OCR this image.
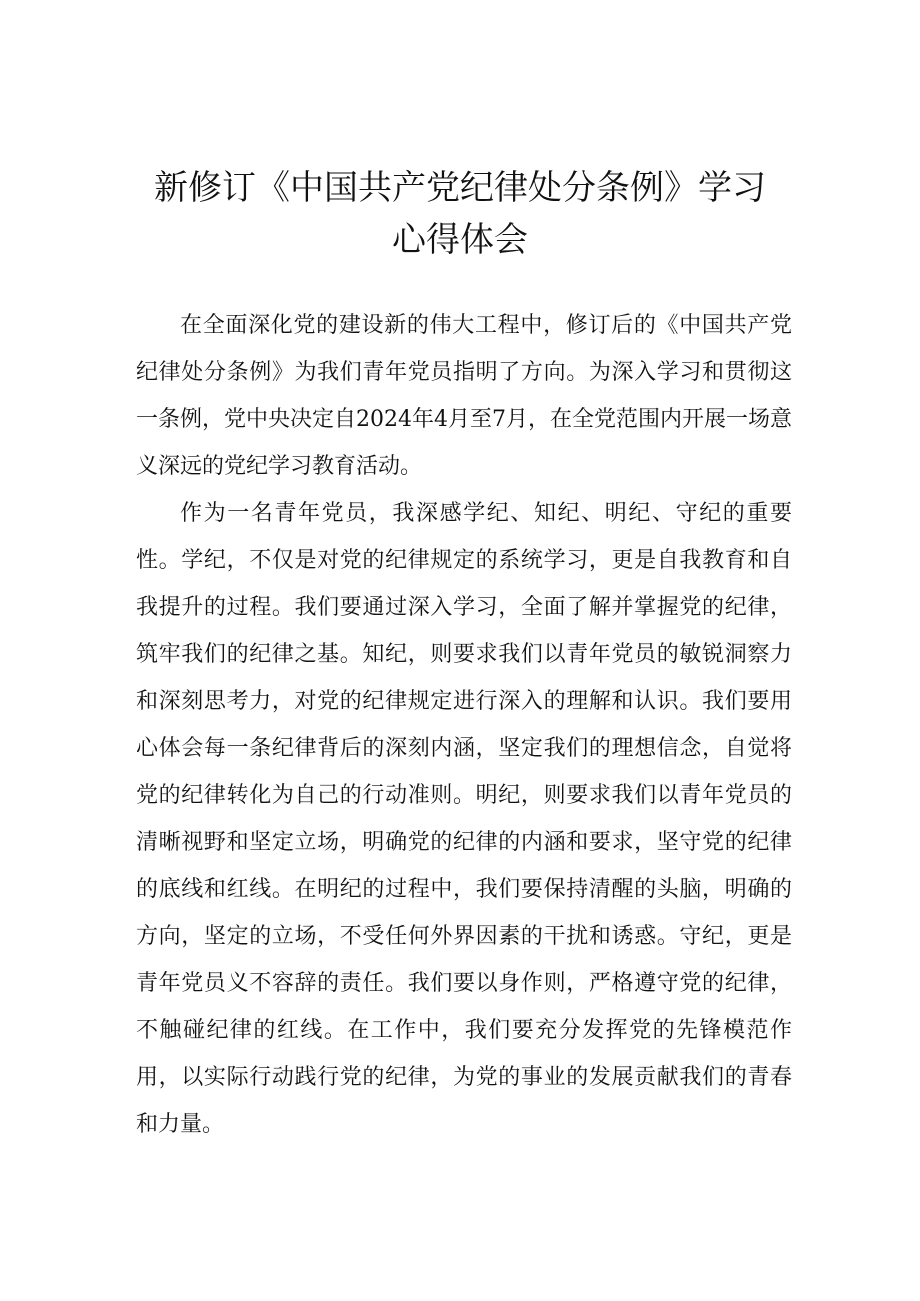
新修订《中国共产党纪律处分条例》学习
心得体会

在全面深化党的建设新的伟大工程中，修订后的《中国共产党纪律处分条例》为我们青年党员指明了方向。为深入学习和贯彻这一条例，党中央决定自2024年4月至7月，在全党范围内开展一场意义深远的党纪学习教育活动。

作为一名青年党员，我深感学纪、知纪、明纪、守纪的重要性。学纪，不仅是对党的纪律规定的系统学习，更是自我教育和自我提升的过程。我们要通过深入学习，全面了解并掌握党的纪律，筑牢我们的纪律之基。知纪，则要求我们以青年党员的敏锐洞察力和深刻思考力，对党的纪律规定进行深入的理解和认识。我们要用心体会每一条纪律背后的深刻内涵，坚定我们的理想信念，自觉将党的纪律转化为自己的行动准则。明纪，则要求我们以青年党员的清晰视野和坚定立场，明确党的纪律的内涵和要求，坚守党的纪律的底线和红线。在明纪的过程中，我们要保持清醒的头脑，明确的方向，坚定的立场，不受任何外界因素的干扰和诱惑。守纪，更是青年党员义不容辞的责任。我们要以身作则，严格遵守党的纪律，不触碰纪律的红线。在工作中，我们要充分发挥党的先锋模范作用，以实际行动践行党的纪律，为党的事业的发展贡献我们的青春和力量。
